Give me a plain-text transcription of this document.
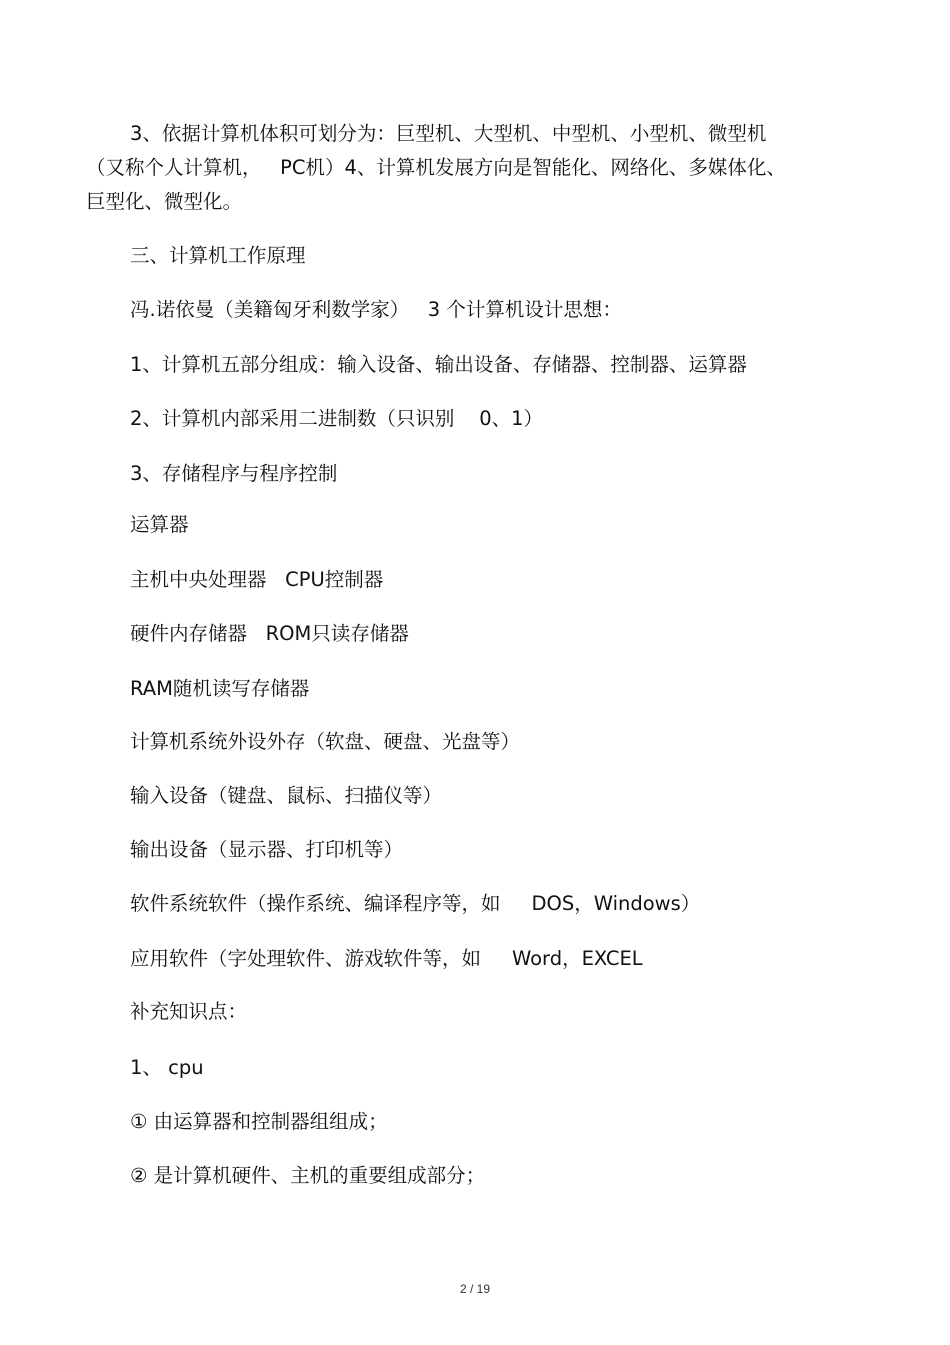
3、依据计算机体积可划分为：巨型机、大型机、中型机、小型机、微型机

（又称个人计算机，   PC机）4、计算机发展方向是智能化、网络化、多媒体化、

巨型化、微型化。

三、计算机工作原理

冯.诺依曼（美籍匈牙利数学家）   3 个计算机设计思想：

1、计算机五部分组成：输入设备、输出设备、存储器、控制器、运算器

2、计算机内部采用二进制数（只识别    0、1）

3、存储程序与程序控制

运算器

主机中央处理器   CPU控制器

硬件内存储器   ROM只读存储器

RAM随机读写存储器

计算机系统外设外存（软盘、硬盘、光盘等）

输入设备（键盘、鼠标、扫描仪等）

输出设备（显示器、打印机等）

软件系统软件（操作系统、编译程序等，如     DOS，Windows）

应用软件（字处理软件、游戏软件等，如     Word，EXCEL

补充知识点：

1、 cpu

① 由运算器和控制器组组成；

② 是计算机硬件、主机的重要组成部分；

2 / 19
